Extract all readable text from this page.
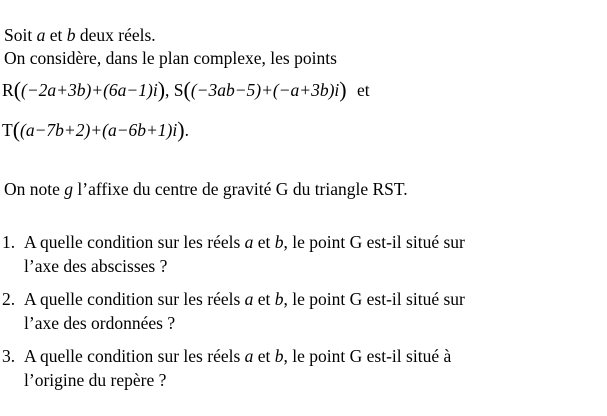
Soit a et b deux réels.
On considère, dans le plan complexe, les points
R((−2a+3b)+(6a−1)i), S((−3ab−5)+(−a+3b)i) et
T((a−7b+2)+(a−6b+1)i).
On note g l’affixe du centre de gravité G du triangle RST.
1. A quelle condition sur les réels a et b, le point G est-il situé sur
l’axe des abscisses ?
2. A quelle condition sur les réels a et b, le point G est-il situé sur
l’axe des ordonnées ?
3. A quelle condition sur les réels a et b, le point G est-il situé à
l’origine du repère ?
